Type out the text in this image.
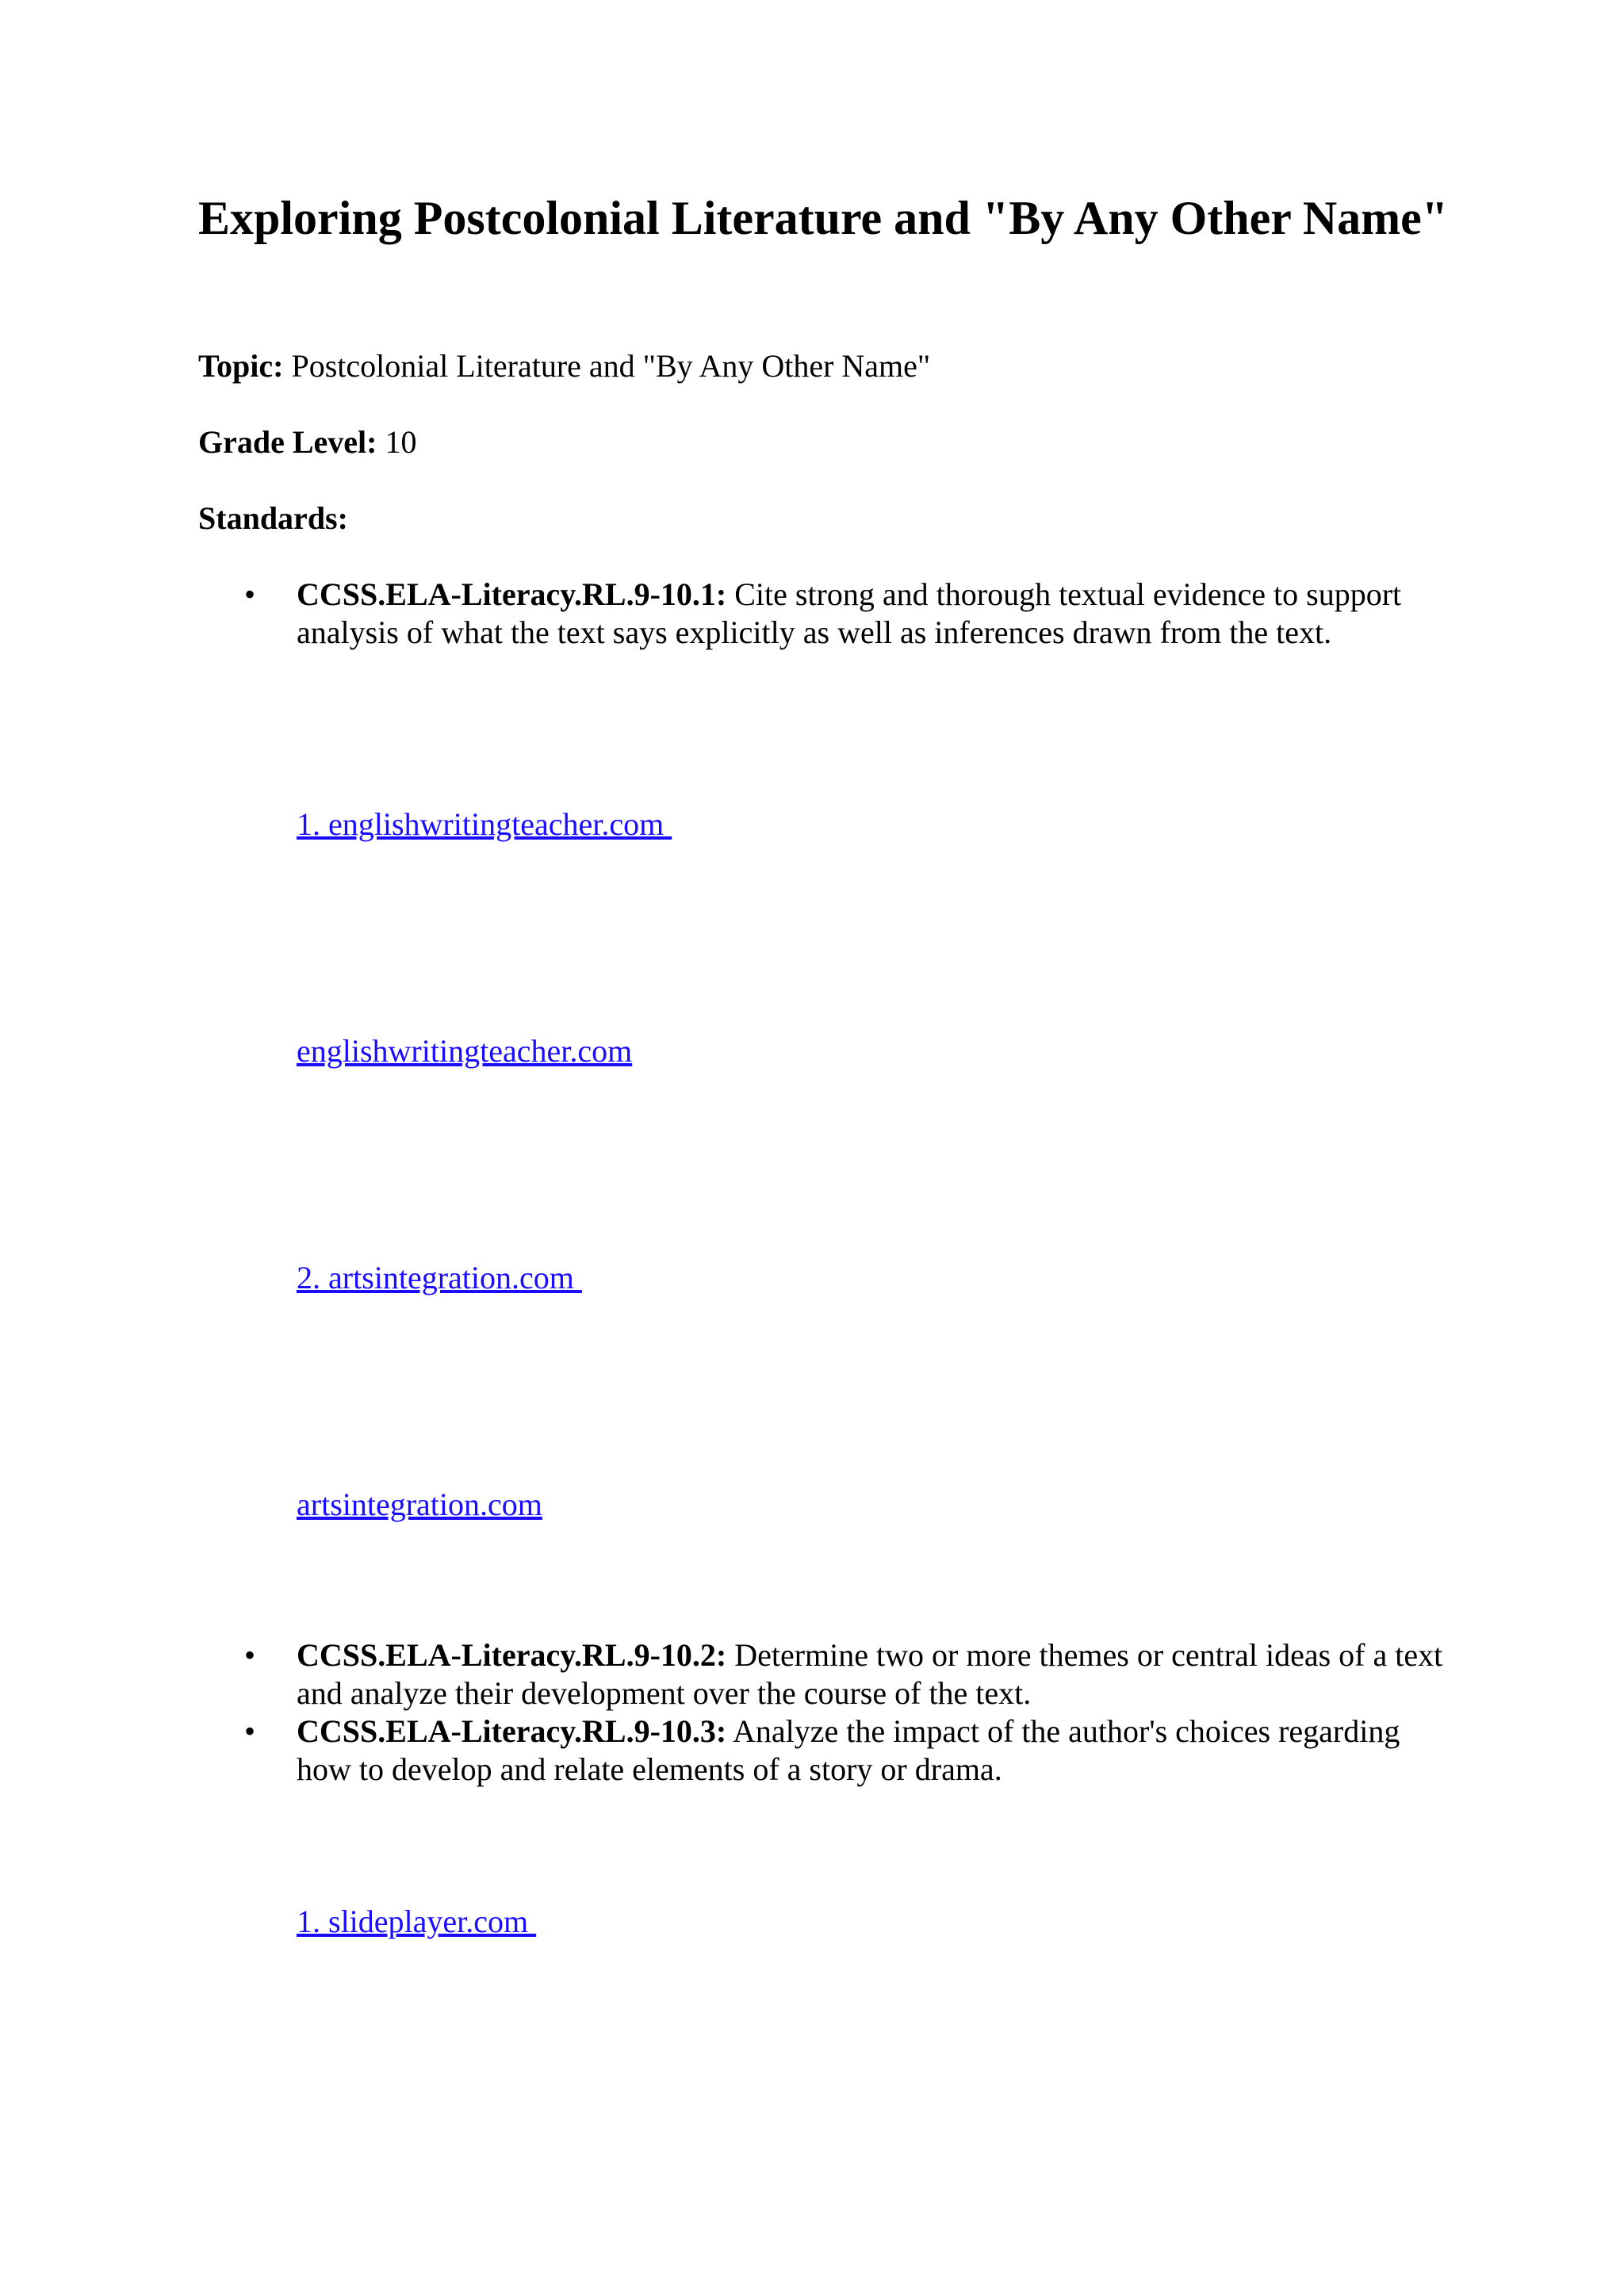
Exploring Postcolonial Literature and "By Any Other Name"

Topic: Postcolonial Literature and "By Any Other Name"

Grade Level: 10

Standards:

• CCSS.ELA-Literacy.RL.9-10.1: Cite strong and thorough textual evidence to support analysis of what the text says explicitly as well as inferences drawn from the text.
1. englishwritingteacher.com
englishwritingteacher.com
2. artsintegration.com
artsintegration.com
• CCSS.ELA-Literacy.RL.9-10.2: Determine two or more themes or central ideas of a text and analyze their development over the course of the text.
• CCSS.ELA-Literacy.RL.9-10.3: Analyze the impact of the author's choices regarding how to develop and relate elements of a story or drama.
1. slideplayer.com
